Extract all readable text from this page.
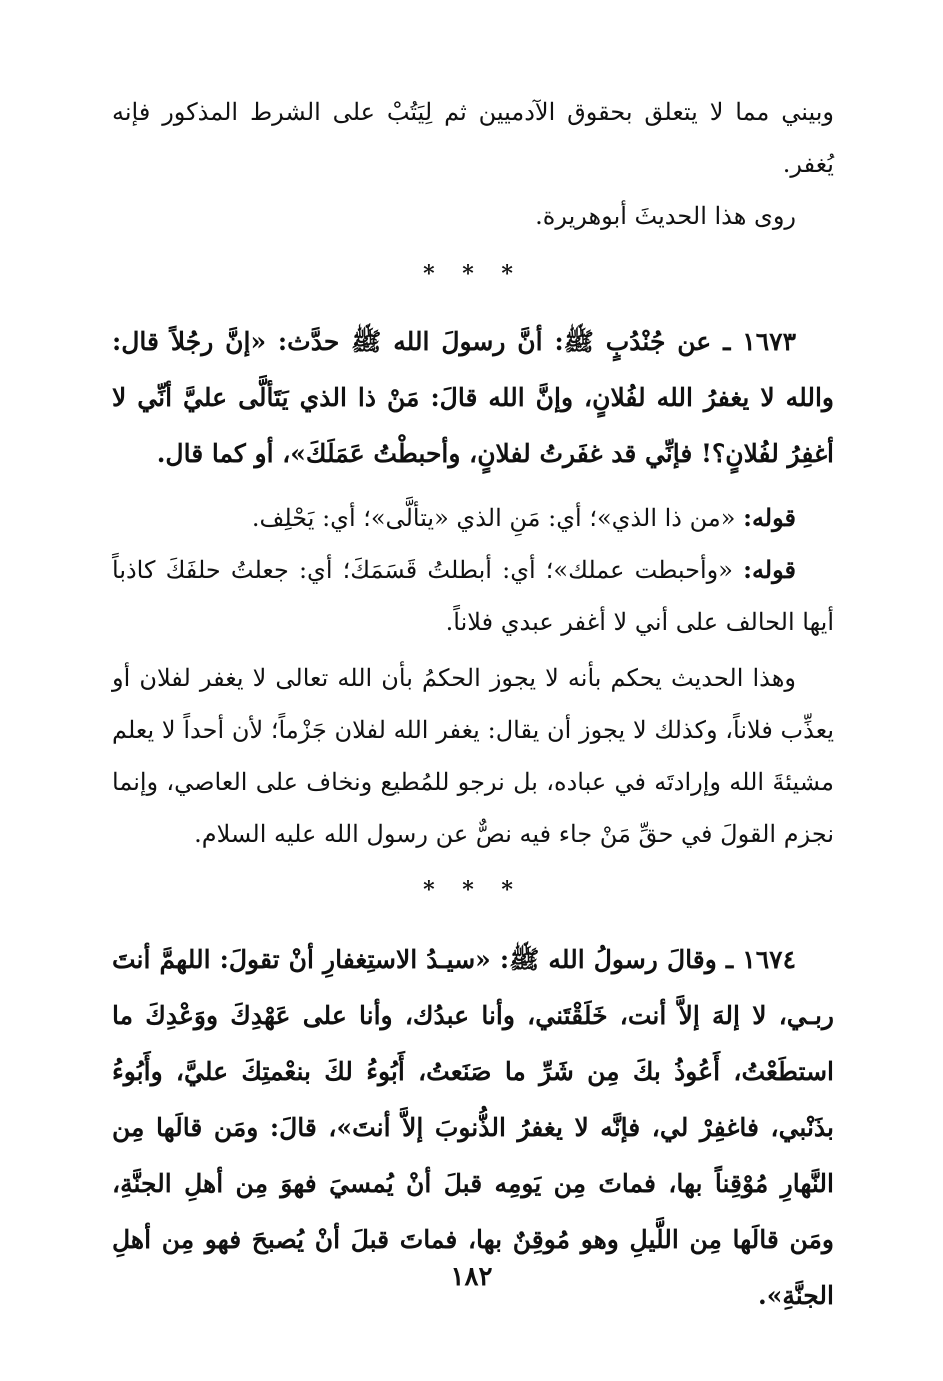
وبيني مما لا يتعلق بحقوق الآدميين ثم لِيَتُبْ على الشرط المذكور فإنه يُغفر.

روى هذا الحديثَ أبوهريرة.

* * *

١٦٧٣ ـ عن جُنْدُبٍ ﷺ: أنَّ رسولَ الله ﷺ حدَّث: «إنَّ رجُلاً قال: والله لا يغفرُ الله لفُلانٍ، وإنَّ الله قالَ: مَنْ ذا الذي يَتَألَّى عليَّ أنِّي لا أغفِرُ لفُلانٍ؟! فإنِّي قد غفَرتُ لفلانٍ، وأحبطْتُ عَمَلَكَ»، أو كما قال.

قوله: «من ذا الذي»؛ أي: مَنِ الذي «يتألَّى»؛ أي: يَحْلِف.

قوله: «وأحبطت عملك»؛ أي: أبطلتُ قَسَمَكَ؛ أي: جعلتُ حلفَكَ كاذباً أيها الحالف على أني لا أغفر عبدي فلاناً.

وهذا الحديث يحكم بأنه لا يجوز الحكمُ بأن الله تعالى لا يغفر لفلان أو يعذِّب فلاناً، وكذلك لا يجوز أن يقال: يغفر الله لفلان جَزْماً؛ لأن أحداً لا يعلم مشيئةَ الله وإرادتَه في عباده، بل نرجو للمُطيع ونخاف على العاصي، وإنما نجزم القولَ في حقِّ مَنْ جاء فيه نصٌّ عن رسول الله عليه السلام.

* * *

١٦٧٤ ـ وقالَ رسولُ الله ﷺ: «سيـدُ الاستِغفارِ أنْ تقولَ: اللهمَّ أنتَ ربـي، لا إلهَ إلاَّ أنت، خَلَقْتَني، وأنا عبدُك، وأنا على عَهْدِكَ ووَعْدِكَ ما استطَعْتُ، أَعُوذُ بكَ مِن شَرِّ ما صَنَعتُ، أَبُوءُ لكَ بنعْمتِكَ عليَّ، وأَبُوءُ بذَنْبي، فاغفِرْ لي، فإنَّه لا يغفرُ الذُّنوبَ إلاَّ أنتَ»، قالَ: ومَن قالَها مِن النَّهارِ مُوْقِناً بها، فماتَ مِن يَومِه قبلَ أنْ يُمسيَ فهوَ مِن أهلِ الجنَّةِ، ومَن قالَها مِن اللَّيلِ وهو مُوقِنٌ بها، فماتَ قبلَ أنْ يُصبحَ فهو مِن أهلِ الجنَّةِ».

١٨٢
